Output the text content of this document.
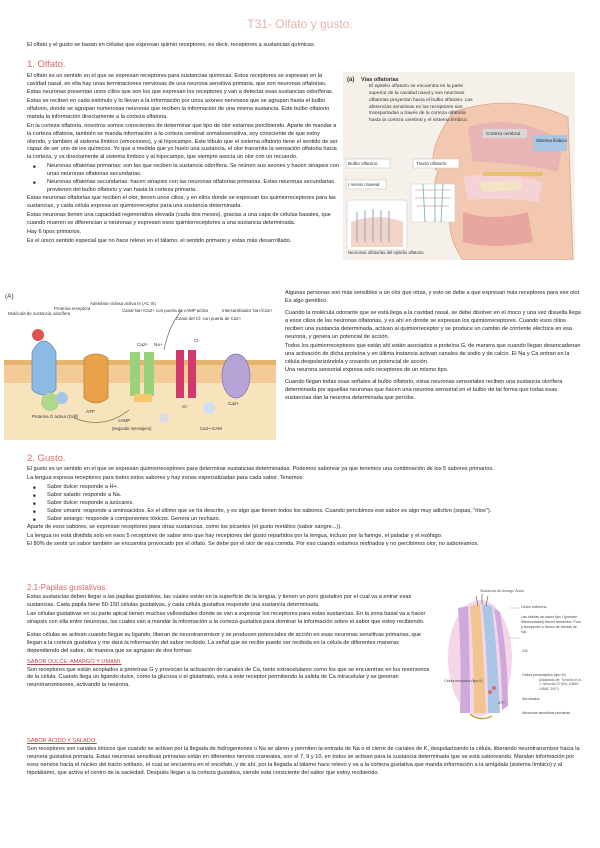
T31- Olfato y gusto.
El olfato y el gusto se basan en células que expresan quimio receptores, es decir, receptores a sustancias químicas.
1. Olfato.

El olfato es un sentido en el que se expresan receptores para sustancias químicas. Estos receptores se expresan en la cavidad nasal, en ella hay unas terminaciones nerviosas de una neurona sensitiva primaria, que son neuronas olfatorias. Estas neuronas presentan unos cilios que son los que expresan los receptores y van a detectar esas sustancias odoríferas.

Estas se reciben en cada estímulo y lo llevan a la información por unos axones nerviosos que se agrupan hasta el bulbo olfatorio, donde se agrupan numerosas neuronas que reciben la información de una misma sustancia. Este bulbo olfatorio manda la información directamente a la corteza olfatoria.

En la corteza olfatoria, nosotros somos conscientes de determinar que tipo de olor estamos percibiendo. Aparte de mandar a la corteza olfatoria, también se manda información a la corteza cerebral somatosensitiva, soy consciente de que estoy oliendo, y también al sistema límbico (emociones), y al hipocampo. Este lóbulo que el sistema olfatorio tiene el sentido de ser capaz de ser uno de los químicos. Yo que a medida que yo huelo una sustancia, el olor transmite la sensación olfatoria hacia la corteza, y va directamente al sistema límbico y al hipocampo, que siempre asocia un olor con un recuerdo.

■ Neuronas olfatorias primarias: son las que reciben la sustancia odorífera. Se reúnen sus axones y hacen sinapsis con unas neuronas olfatorias secundarias.
■ Neuronas olfatorias secundarias: hacen sinapsis con las neuronas olfatorias primarias. Estas neuronas secundarias provienen del bulbo olfatorio y van hasta la corteza primaria.

Estas neuronas olfatorias que reciben el olor, tienen unos cilios, y en ellos donde se expresan los quimiorreceptores para las sustancias, y cada célula expresa un quimiorreceptor para una sustancia determinada.

Estas neuronas tienen una capacidad regenerativa elevada (cada dos meses), gracias a una capa de células basales, que cuando mueren se diferencian a neuronas y expresan esos quimiorreceptores a una sustancia determinada.

Hay 6 tipos primarios.

Es el único sentido especial que no hace relevo en el tálamo, el sentido primario y estas más desarrollado.

(a) Vías olfatorias
Corteza cerebral
Sistema límbico
Bulbo olfatorio	Tracto olfatorio
I nervio craneal
Neuronas olfatorias del epitelio olfatorio
El epitelio olfatorio se encuentra en la parte superior de la cavidad nasal y sus neuronas olfatorias proyectan hacia el bulbo olfatorio. Las aferencias sensitivas en los receptores son transportadas a través de la corteza olfatoria hasta la corteza cerebral y el sistema límbico.
(A)
Molécula de sustancia odorífera
Proteína receptora
Adenilato-ciclasa activa III (AC III)
Canal Na+/Ca2+ con puerta de cAMP activo
Canal del Cl- con puerta de Ca2+
Intercambiador Na+/Ca2+
Proteína G activa (Golf)
Cl-
Na+
Ca2+
Ca2+-CAM
Cl-
Ca2+
ATP
cAMP
(segundo mensajero)

Algunas personas son más sensibles a un olor que otras, y esto se debe a que expresan más receptores para ese olor. Es algo genético.

Cuando la molécula odorante que se está llega a la cavidad nasal, se debe disolver en el moco y una vez disuelta llega a esos cilios de las neuronas olfatorias, y es ahí en donde se expresan los quimiorreceptores. Cuando esos cilios reciben una sustancia determinada, activan al quimiorreceptor y se produce un cambio de corriente eléctrica en esa neurona, y genera un potencial de acción.

Todos los quimiorreceptores que están ahí están asociados a proteína G, de manera que cuando llegan desencadenan una activación de dicha proteína y en última instancia activan canales de sodio y de calcio. El Na y Ca entran en la célula despolarizándola y creando un potencial de acción.

Una neurona sensorial expresa solo receptores de un mismo tipo.

Cuando llegan todas esas señales al bulbo olfatorio, estas neuronas sensoriales reciben una sustancia olorífera determinada por aquellas neuronas que hacen una neurona sensorial en el bulbo de tal forma que todas esas sustancias dan la neurona determinada que percibe.

2. Gusto.

El gusto es un sentido en el que se expresan quimiorreceptores para determinar sustancias determinadas. Podemos saborear ya que tenemos una combinación de los 5 sabores primarios.

La lengua expresa receptores para todos estos sabores y hay zonas especializadas para cada sabor. Tenemos:

■ Sabor dulce: responde a H+.
■ Sabor salado: responde a Na.
■ Sabor dulce: responde a azúcares.
■ Sabor umami: responde a aminoácidos. Es el último que se ha descrito, y es algo que tienen todos los sabores. Cuando percibimos ese sabor es algo muy adictivo (sopas, "ritos").
■ Sabor amargo: responde a componentes tóxicos. Genera un rechazo.

Aparte de esos sabores, se expresan receptores para otras sustancias, como los picantes (el gusto metálico (sabor sangre...)).

La lengua no está dividida solo en esos 5 receptores de sabor sino que hay receptores del gusto repartidos por la lengua, incluso por la faringe, el paladar y el esófago.

El 80% de sentir un sabor también se encuentra provocado por el olfato. Se debe por el olor de esa comida. Por eso cuando estamos resfriados y no percibimos olor, no saboreamos.

2.1-Papilas gustativas.

Estas sustancias deben llegar a las papilas gustativas, las cuales están en la superficie de la lengua, y tienen un poro gustativo por el cual va a entrar esas sustancias. Cada papila tiene 50-150 células gustativas, y cada célula gustativa responde una sustancia determinada.

Las células gustativas en su parte apical tienen muchas vellosidades donde se van a expresar los receptores para estas sustancias. En la zona basal va a hacer sinapsis con ella entre neuronas, las cuales van a mandar la información a la corteza gustativa para dominar la información sobre el sabor que estoy recibiendo.

Estas células se activan cuando llegue su ligando, liberan de neurotransmisor y se producen potenciales de acción en esas neuronas sensitivas primarias, que llegan a la corteza gustativa y me dará la información del sabor recibido. La señal que se recibe puede ser recibida en la célula de diferentes maneras dependiendo del sabor, de manera que se agrupan de dos formas:

SABOR DULCE, AMARGO Y UMAMI:

Son receptores que están acoplados a proteínas G y provocan la activación de canales de Ca, tanto extracelulares como los que se encuentran en los reservorios de la célula. Cuando llega un ligando dulce, como la glucosa o el glutamato, esta a este receptor permitiendo la salida de Ca intracelular y se generan neurotransmisores, activando la neurona.

SABOR ÁCIDO Y SALADO:

Son receptores son canales iónicos que cuando se activan por la llegada de hidrogeniones o Na se abren y permiten la entrada de Na o el cierre de canales de K, despolarizando la célula, liberando neurotransmisor hacia la neurona gustativa primaria. Estas neuronas sensitivas primarias están en diferentes nervios craneales, son el 7, 9 y 10, en todos se activan para la sustancia determinada que se está saboreando. Mandan información por esos nervios hacia el núcleo del tracto solitario, el cual se encuentra en el encéfalo, y de ahí, por la llegada al tálamo hace relevo y va a la corteza gustativa que manda información a la amígdala (sistema límbico) y al hipotálamo, que activa el centro de la saciedad. Después llegan a la corteza gustativa, siendo esta consciente del sabor que estoy recibiendo.

Sustancia de Amargo Ácido
Unión estrecha
Célula presináptica (tipo III)
Célula receptora (tipo II)
Serotonina
ATP
Neuronas sensitivas primarias
Gi2
Las células de sabor tipo I (pueden diferenciación) tienen alrededor: Poro y receptores o tronco de células de Na.
(Adaptado de: Tomchik et al, J. Neurosci 27(40): 10840-10848, 2007)
